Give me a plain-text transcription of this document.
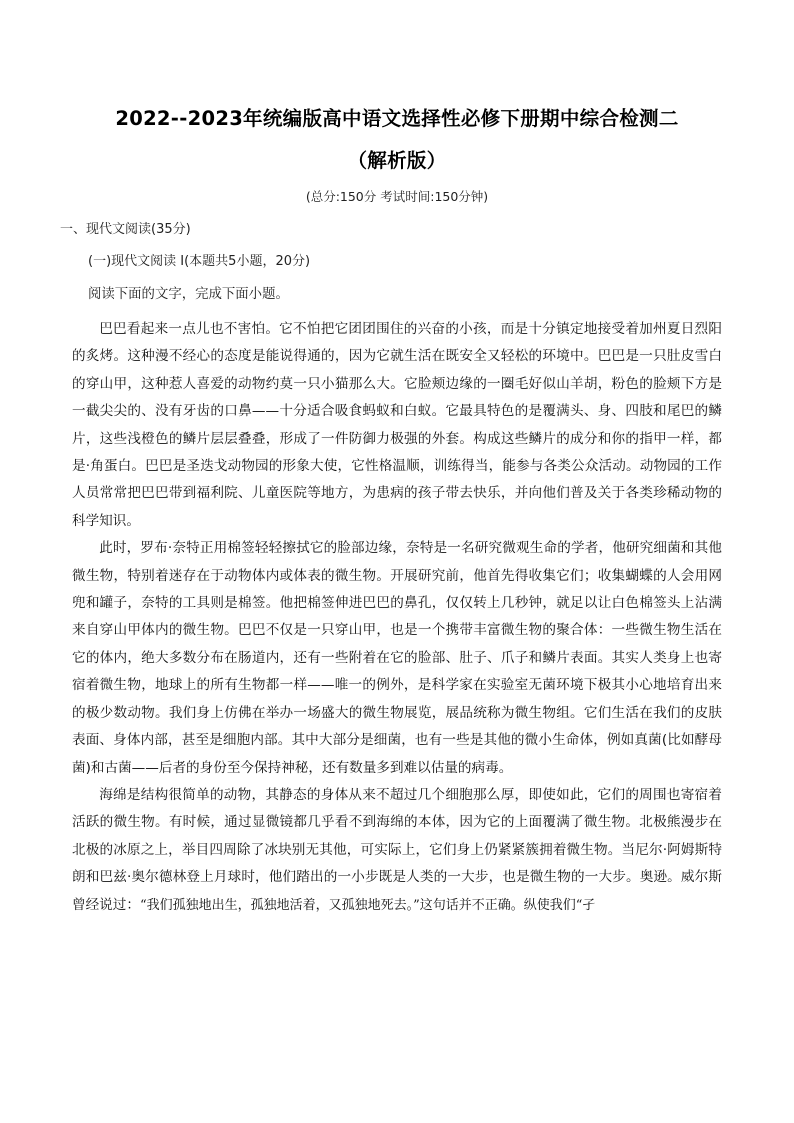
2022--2023年统编版高中语文选择性必修下册期中综合检测二
（解析版）
(总分:150分 考试时间:150分钟)
一、现代文阅读(35分)
(一)现代文阅读 I(本题共5小题，20分)
阅读下面的文字，完成下面小题。

巴巴看起来一点儿也不害怕。它不怕把它团团围住的兴奋的小孩，而是十分镇定地接受着加州夏日烈阳的炙烤。这种漫不经心的态度是能说得通的，因为它就生活在既安全又轻松的环境中。巴巴是一只肚皮雪白的穿山甲，这种惹人喜爱的动物约莫一只小猫那么大。它脸颊边缘的一圈毛好似山羊胡，粉色的脸颊下方是一截尖尖的、没有牙齿的口鼻——十分适合吸食蚂蚁和白蚁。它最具特色的是覆满头、身、四肢和尾巴的鳞片，这些浅橙色的鳞片层层叠叠，形成了一件防御力极强的外套。构成这些鳞片的成分和你的指甲一样，都是·角蛋白。巴巴是圣迭戈动物园的形象大使，它性格温顺，训练得当，能参与各类公众活动。动物园的工作人员常常把巴巴带到福利院、儿童医院等地方，为患病的孩子带去快乐，并向他们普及关于各类珍稀动物的科学知识。

此时，罗布·奈特正用棉签轻轻擦拭它的脸部边缘，奈特是一名研究微观生命的学者，他研究细菌和其他微生物，特别着迷存在于动物体内或体表的微生物。开展研究前，他首先得收集它们；收集蝴蝶的人会用网兜和罐子，奈特的工具则是棉签。他把棉签伸进巴巴的鼻孔，仅仅转上几秒钟，就足以让白色棉签头上沾满来自穿山甲体内的微生物。巴巴不仅是一只穿山甲，也是一个携带丰富微生物的聚合体：一些微生物生活在它的体内，绝大多数分布在肠道内，还有一些附着在它的脸部、肚子、爪子和鳞片表面。其实人类身上也寄宿着微生物，地球上的所有生物都一样——唯一的例外，是科学家在实验室无菌环境下极其小心地培育出来的极少数动物。我们身上仿佛在举办一场盛大的微生物展览，展品统称为微生物组。它们生活在我们的皮肤表面、身体内部，甚至是细胞内部。其中大部分是细菌，也有一些是其他的微小生命体，例如真菌(比如酵母菌)和古菌——后者的身份至今保持神秘，还有数量多到难以估量的病毒。

海绵是结构很简单的动物，其静态的身体从来不超过几个细胞那么厚，即使如此，它们的周围也寄宿着活跃的微生物。有时候，通过显微镜都几乎看不到海绵的本体，因为它的上面覆满了微生物。北极熊漫步在北极的冰原之上，举目四周除了冰块别无其他，可实际上，它们身上仍紧紧簇拥着微生物。当尼尔·阿姆斯特朗和巴兹·奥尔德林登上月球时，他们踏出的一小步既是人类的一大步，也是微生物的一大步。奥逊。威尔斯曾经说过：“我们孤独地出生，孤独地活着，又孤独地死去。”这句话并不正确。纵使我们“孑
